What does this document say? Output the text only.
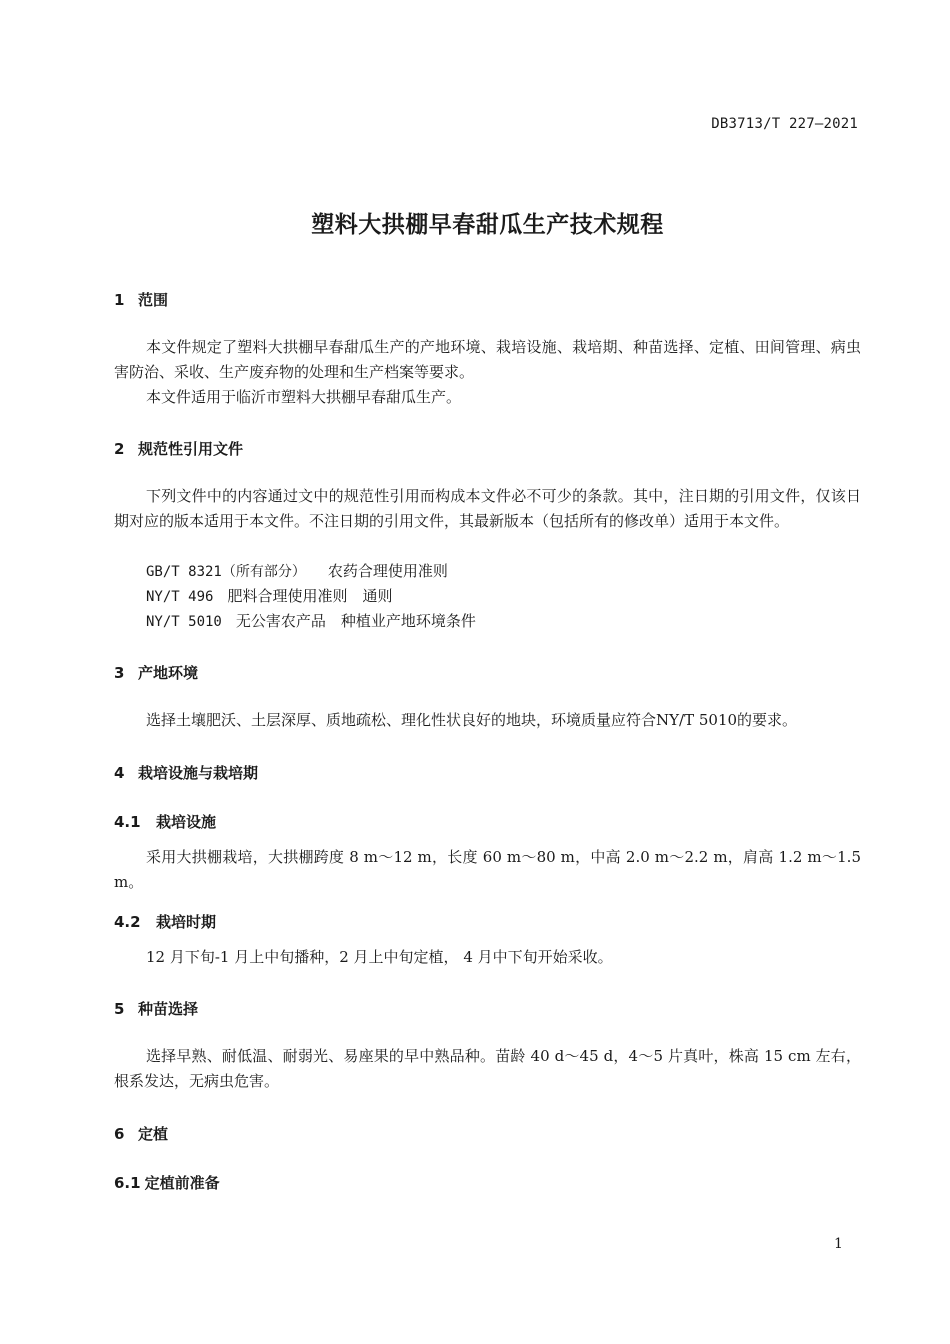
DB3713/T 227—2021
塑料大拱棚早春甜瓜生产技术规程
1 范围
本文件规定了塑料大拱棚早春甜瓜生产的产地环境、栽培设施、栽培期、种苗选择、定植、田间管理、病虫害防治、采收、生产废弃物的处理和生产档案等要求。
本文件适用于临沂市塑料大拱棚早春甜瓜生产。
2 规范性引用文件
下列文件中的内容通过文中的规范性引用而构成本文件必不可少的条款。其中，注日期的引用文件，仅该日期对应的版本适用于本文件。不注日期的引用文件，其最新版本（包括所有的修改单）适用于本文件。
GB/T 8321（所有部分） 农药合理使用准则
NY/T 496 肥料合理使用准则　通则
NY/T 5010 无公害农产品　种植业产地环境条件
3 产地环境
选择土壤肥沃、土层深厚、质地疏松、理化性状良好的地块，环境质量应符合NY/T 5010的要求。
4 栽培设施与栽培期
4.1 栽培设施
采用大拱棚栽培，大拱棚跨度 8 m～12 m，长度 60 m～80 m，中高 2.0 m～2.2 m，肩高 1.2 m～1.5 m。
4.2 栽培时期
12 月下旬-1 月上中旬播种，2 月上中旬定植， 4 月中下旬开始采收。
5 种苗选择
选择早熟、耐低温、耐弱光、易座果的早中熟品种。苗龄 40 d～45 d，4～5 片真叶，株高 15 cm 左右，根系发达，无病虫危害。
6 定植
6.1 定植前准备
1
